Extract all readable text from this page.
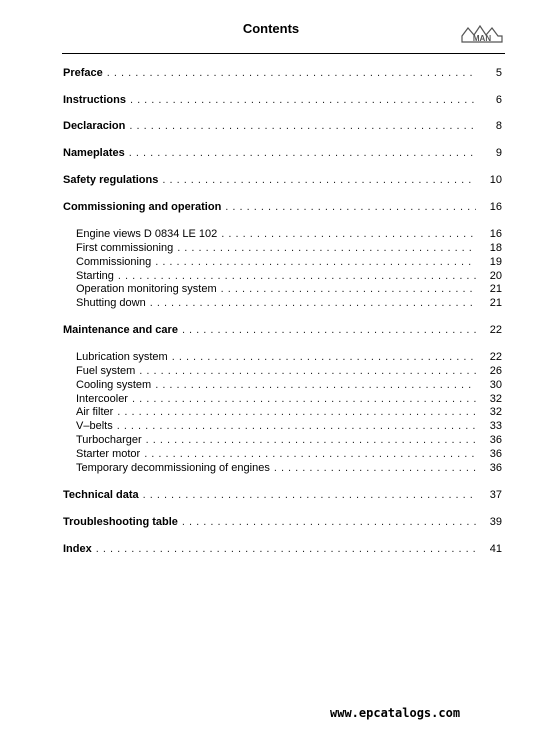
Contents
MAN
Preface . . .	5
Instructions . . .	6
Declaracion . . .	8
Nameplates . . .	9
Safety regulations . . .	10
Commissioning and operation . . .	16
Engine views D 0834 LE 102 . . .	16
First commissioning . . .	18
Commissioning . . .	19
Starting . . .	20
Operation monitoring system . . .	21
Shutting down . . .	21
Maintenance and care . . .	22
Lubrication system . . .	22
Fuel system . . .	26
Cooling system . . .	30
Intercooler . . .	32
Air filter . . .	32
V–belts . . .	33
Turbocharger . . .	36
Starter motor . . .	36
Temporary decommissioning of engines . . .	36
Technical data . . .	37
Troubleshooting table . . .	39
Index . . .	41
www.epcatalogs.com
